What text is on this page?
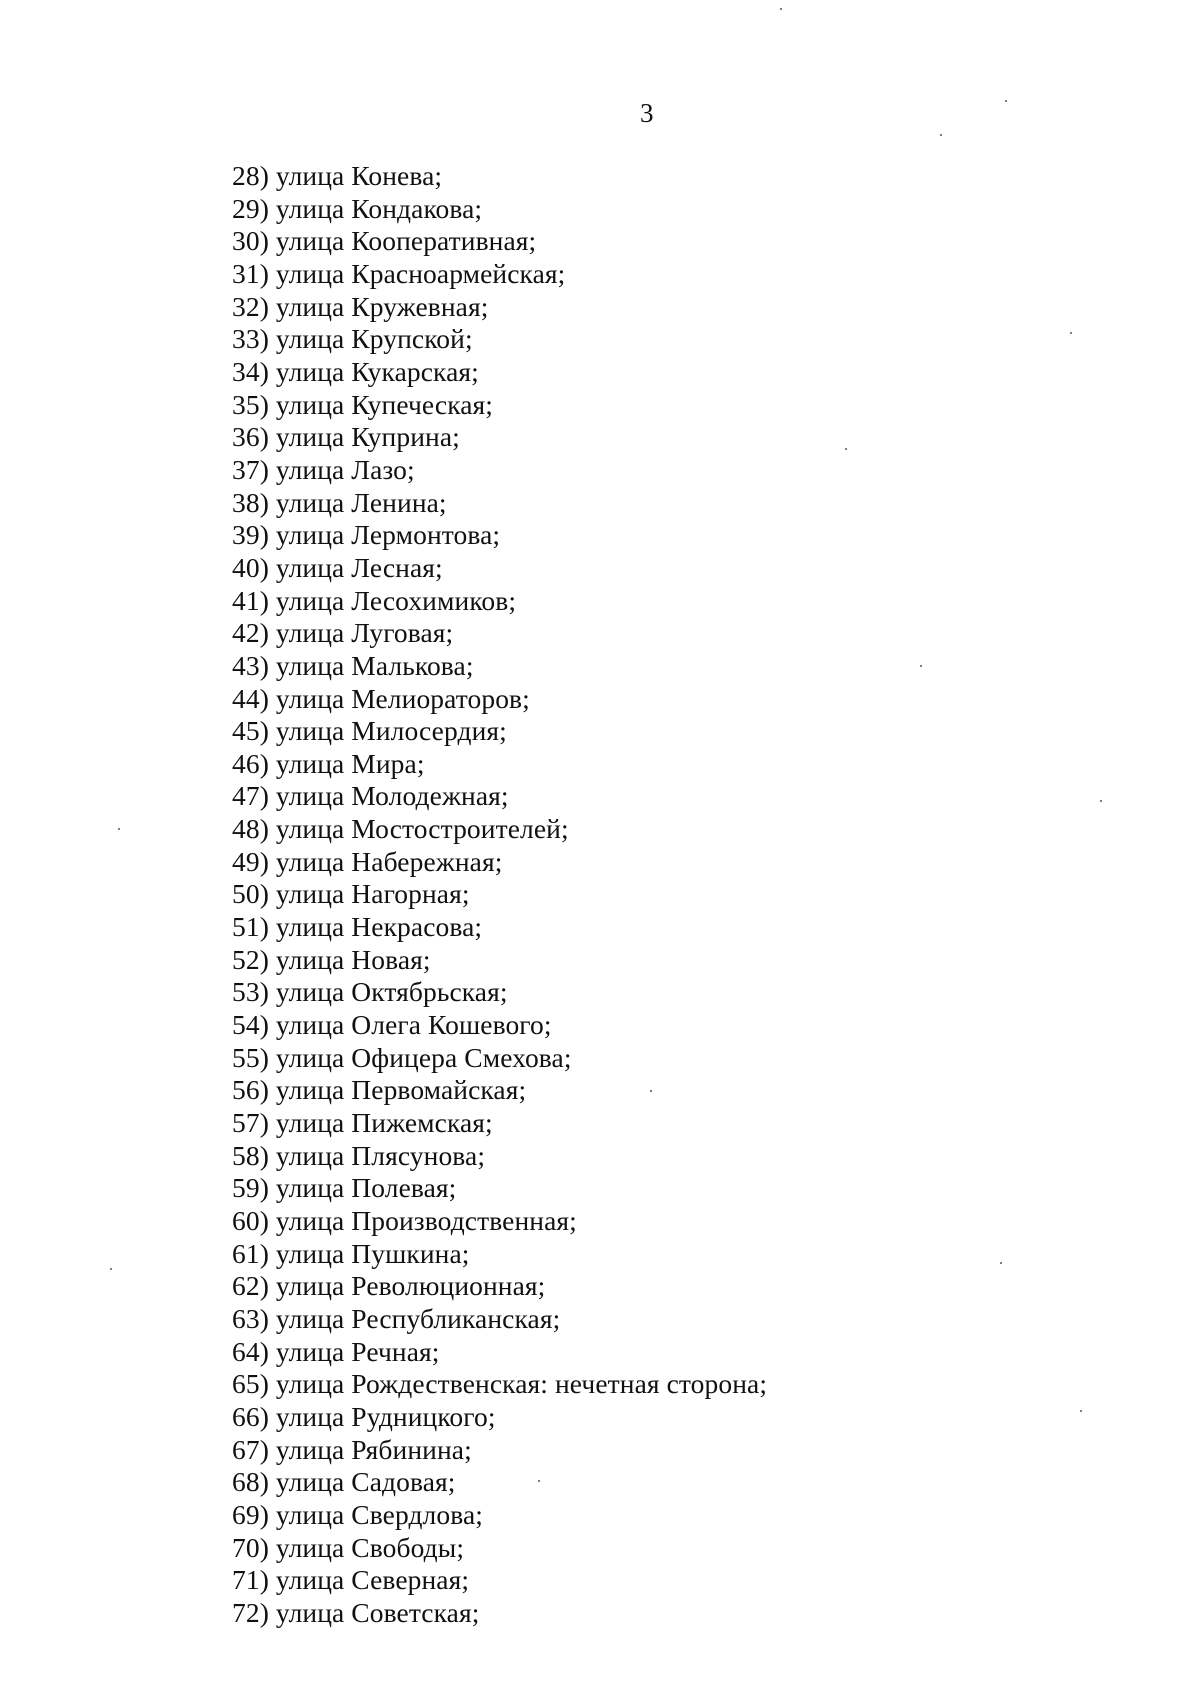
3
28) улица Конева;
29) улица Кондакова;
30) улица Кооперативная;
31) улица Красноармейская;
32) улица Кружевная;
33) улица Крупской;
34) улица Кукарская;
35) улица Купеческая;
36) улица Куприна;
37) улица Лазо;
38) улица Ленина;
39) улица Лермонтова;
40) улица Лесная;
41) улица Лесохимиков;
42) улица Луговая;
43) улица Малькова;
44) улица Мелиораторов;
45) улица Милосердия;
46) улица Мира;
47) улица Молодежная;
48) улица Мостостроителей;
49) улица Набережная;
50) улица Нагорная;
51) улица Некрасова;
52) улица Новая;
53) улица Октябрьская;
54) улица Олега Кошевого;
55) улица Офицера Смехова;
56) улица Первомайская;
57) улица Пижемская;
58) улица Плясунова;
59) улица Полевая;
60) улица Производственная;
61) улица Пушкина;
62) улица Революционная;
63) улица Республиканская;
64) улица Речная;
65) улица Рождественская: нечетная сторона;
66) улица Рудницкого;
67) улица Рябинина;
68) улица Садовая;
69) улица Свердлова;
70) улица Свободы;
71) улица Северная;
72) улица Советская;
